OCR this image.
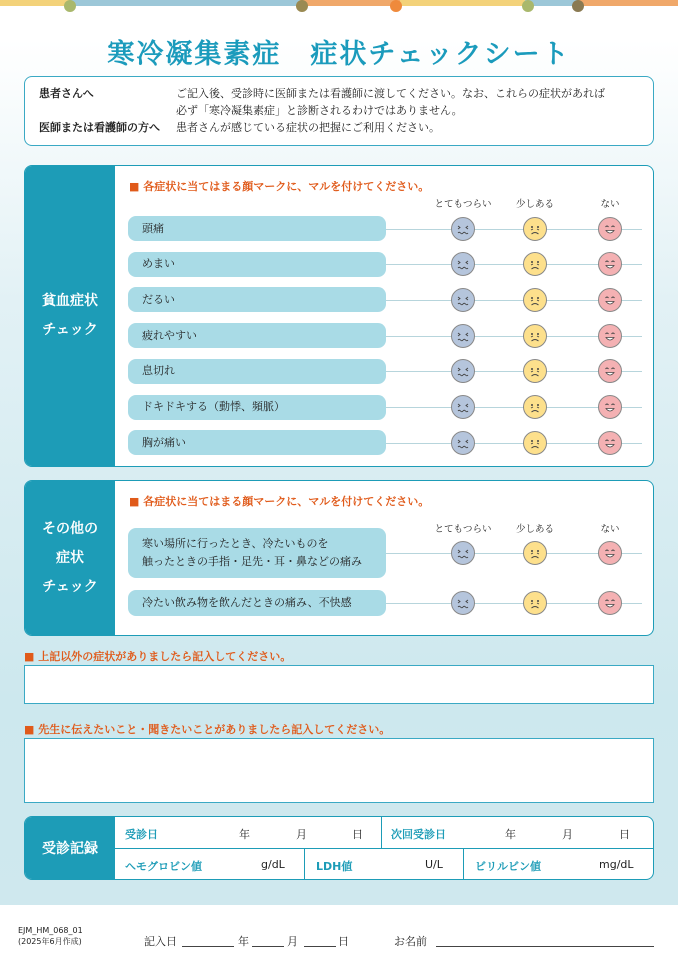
寒冷凝集素症　症状チェックシート
患者さんへ	ご記入後、受診時に医師または看護師に渡してください。なお、これらの症状があれば
必ず「寒冷凝集素症」と診断されるわけではありません。
医師または看護師の方へ	患者さんが感じている症状の把握にご利用ください。
貧血症状
チェック
■ 各症状に当てはまる顔マークに、マルを付けてください。
とてもつらい	少しある	ない
頭痛
めまい
だるい
疲れやすい
息切れ
ドキドキする（動悸、頻脈）
胸が痛い
その他の
症状
チェック
■ 各症状に当てはまる顔マークに、マルを付けてください。
とてもつらい	少しある	ない
寒い場所に行ったとき、冷たいものを
触ったときの手指・足先・耳・鼻などの痛み
冷たい飲み物を飲んだときの痛み、不快感
■ 上記以外の症状がありましたら記入してください。
■ 先生に伝えたいこと・聞きたいことがありましたら記入してください。
受診記録
受診日	年	月	日	次回受診日	年	月	日
ヘモグロビン値	g/dL	LDH値	U/L	ビリルビン値	mg/dL
EJM_HM_068_01
(2025年6月作成)	記入日	年	月	日	お名前
